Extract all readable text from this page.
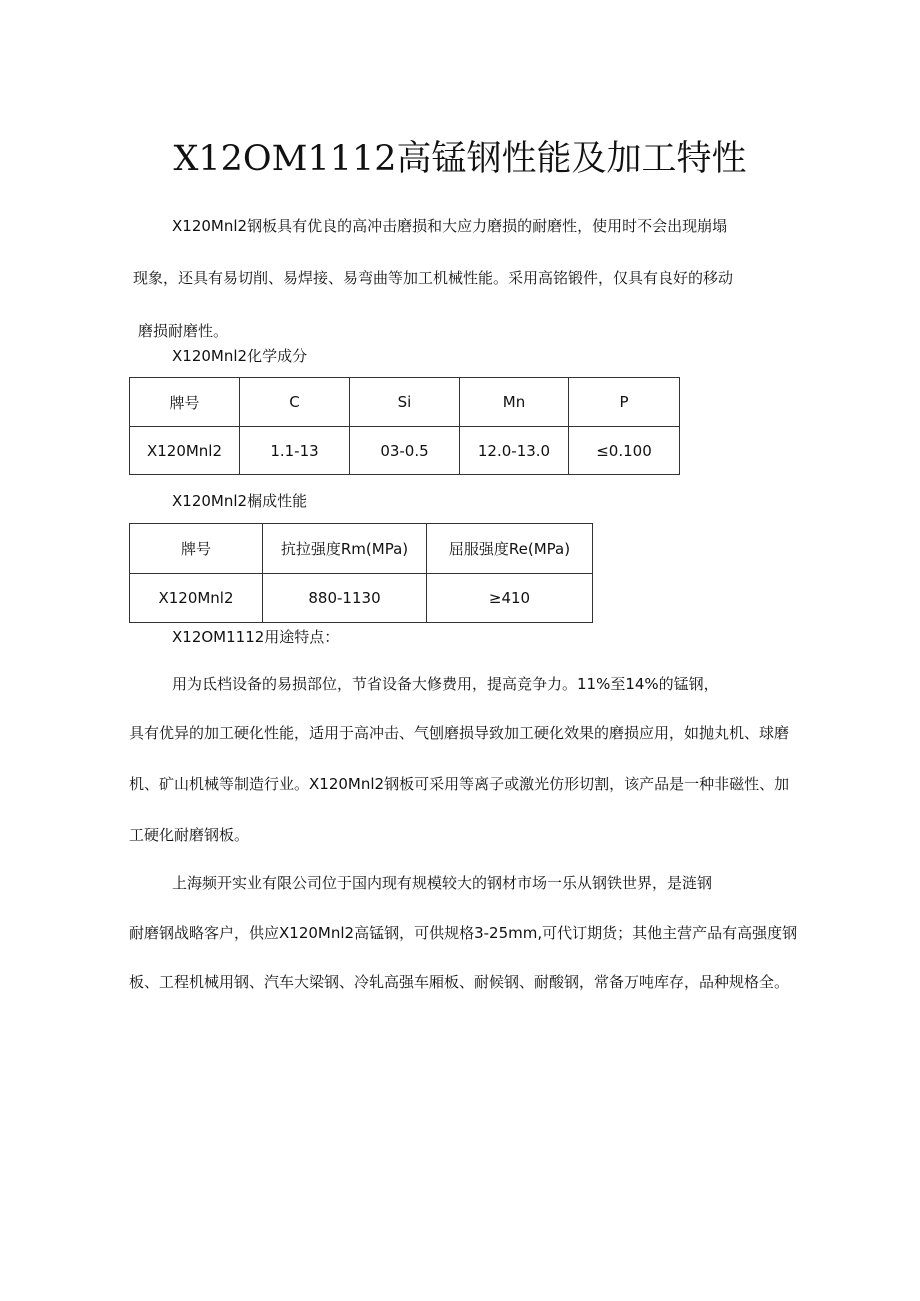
X12OM1112高锰钢性能及加工特性

X120Mnl2钢板具有优良的高冲击磨损和大应力磨损的耐磨性，使用时不会出现崩塌

现象，还具有易切削、易焊接、易弯曲等加工机械性能。采用高铭锻件，仅具有良好的移动

磨损耐磨性。

X120Mnl2化学成分

牌号	C	Si	Mn	P
X120Mnl2	1.1-13	03-0.5	12.0-13.0	≤0.100

X120Mnl2榍成性能

牌号	抗拉强度Rm(MPa)	屈服强度Re(MPa)
X120Mnl2	880-1130	≥410

X12OM1112用途特点：

用为氐档设备的易损部位，节省设备大修费用，提高竞争力。11%至14%的锰钢，

具有优异的加工硬化性能，适用于高冲击、气刨磨损导致加工硬化效果的磨损应用，如抛丸机、球磨

机、矿山机械等制造行业。X120Mnl2钢板可采用等离子或激光仿形切割，该产品是一种非磁性、加

工硬化耐磨钢板。

上海频开实业有限公司位于国内现有规模较大的钢材市场一乐从钢铁世界，是涟钢

耐磨钢战略客户，供应X120Mnl2高锰钢，可供规格3-25mm,可代订期货；其他主营产品有高强度钢

板、工程机械用钢、汽车大梁钢、冷轧高强车厢板、耐候钢、耐酸钢，常备万吨库存，品种规格全。
